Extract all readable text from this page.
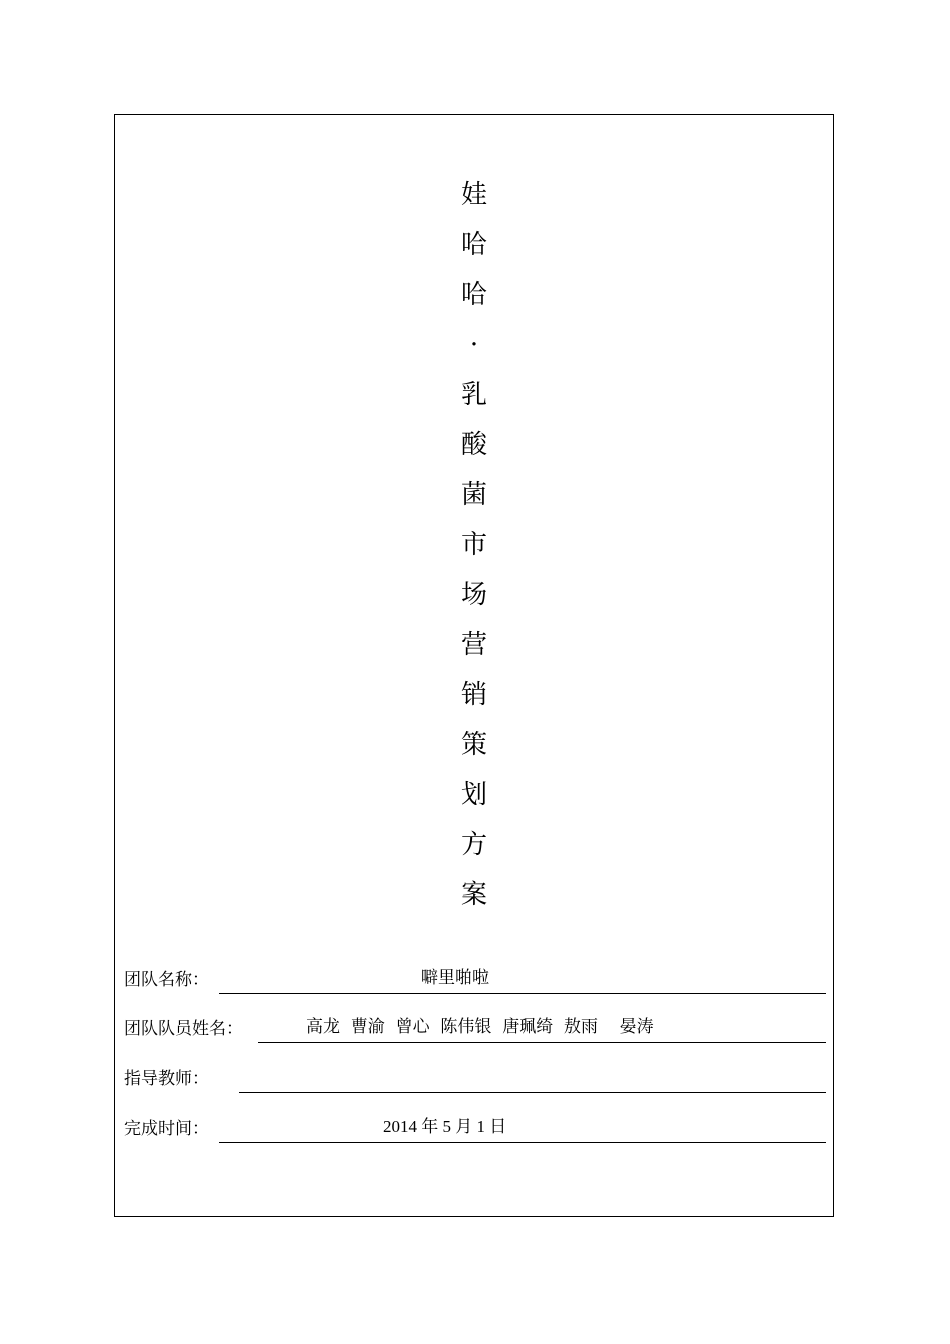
娃
哈
哈
·
乳
酸
菌
市
场
营
销
策
划
方
案
团队名称：	噼里啪啦
团队队员姓名：	高龙  曹渝  曾心  陈伟银  唐珮绮  敖雨    晏涛
指导教师：
完成时间：	2014 年 5 月 1 日
